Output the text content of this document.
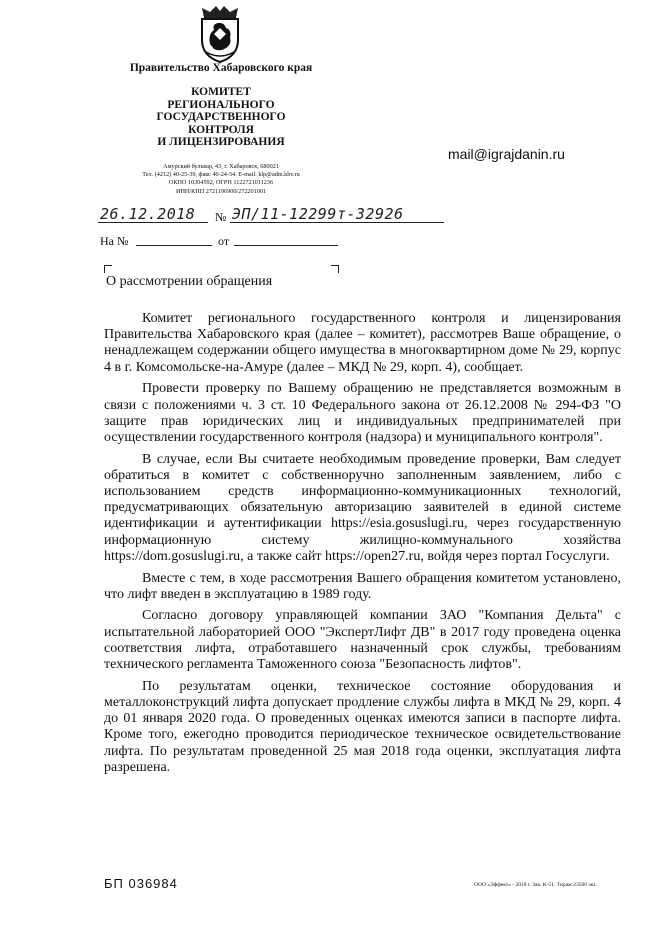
Правительство Хабаровского края
КОМИТЕТ
РЕГИОНАЛЬНОГО
ГОСУДАРСТВЕННОГО
КОНТРОЛЯ
И ЛИЦЕНЗИРОВАНИЯ
Амурский бульвар, 43, г. Хабаровск, 680021
Тел. (4212) 40-25-39, факс 40-24-54. E-mail: klp@adm.khv.ru
ОКПО 10304592, ОГРН 1122721011236
ИНН/КПП 2721196900/272201001
mail@igrajdanin.ru
26.12.2018 № ЭП/11-12299т-32926
На №	от
О рассмотрении обращения

Комитет регионального государственного контроля и лицензирования Правительства Хабаровского края (далее – комитет), рассмотрев Ваше обращение, о ненадлежащем содержании общего имущества в многоквартирном доме № 29, корпус 4 в г. Комсомольске-на-Амуре (далее – МКД № 29, корп. 4), сообщает.

Провести проверку по Вашему обращению не представляется возможным в связи с положениями ч. 3 ст. 10 Федерального закона от 26.12.2008 № 294-ФЗ "О защите прав юридических лиц и индивидуальных предпринимателей при осуществлении государственного контроля (надзора) и муниципального контроля".

В случае, если Вы считаете необходимым проведение проверки, Вам следует обратиться в комитет с собственноручно заполненным заявлением, либо с использованием средств информационно-коммуникационных технологий, предусматривающих обязательную авторизацию заявителей в единой системе идентификации и аутентификации https://esia.gosuslugi.ru, через государственную информационную систему жилищно-коммунального хозяйства https://dom.gosuslugi.ru, а также сайт https://open27.ru, войдя через портал Госуслуги.

Вместе с тем, в ходе рассмотрения Вашего обращения комитетом установлено, что лифт введен в эксплуатацию в 1989 году.

Согласно договору управляющей компании ЗАО "Компания Дельта" с испытательной лабораторией ООО "ЭкспертЛифт ДВ" в 2017 году проведена оценка соответствия лифта, отработавшего назначенный срок службы, требованиям технического регламента Таможенного союза "Безопасность лифтов".

По результатам оценки, техническое состояние оборудования и металлоконструкций лифта допускает продление службы лифта в МКД № 29, корп. 4 до 01 января 2020 года. О проведенных оценках имеются записи в паспорте лифта. Кроме того, ежегодно проводится периодическое техническое освидетельствование лифта. По результатам проведенной 25 мая 2018 года оценки, эксплуатация лифта разрешена.

БП 036984	ООО «Эффект» - 2018 г. Зак. К-51. Тираж 23500 экз.
